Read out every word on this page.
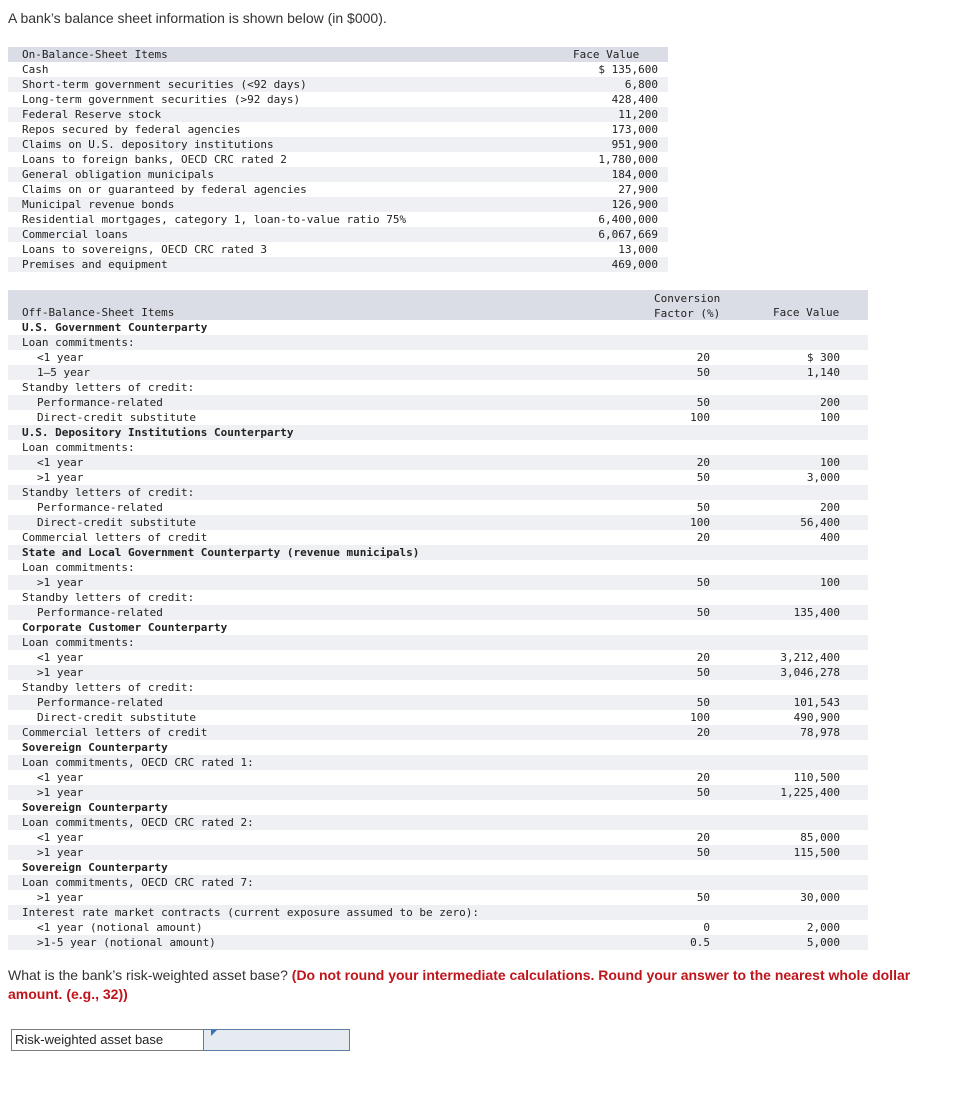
A bank’s balance sheet information is shown below (in $000).
On-Balance-Sheet Items	Face Value
Cash	$ 135,600
Short-term government securities (<92 days)	6,800
Long-term government securities (>92 days)	428,400
Federal Reserve stock	11,200
Repos secured by federal agencies	173,000
Claims on U.S. depository institutions	951,900
Loans to foreign banks, OECD CRC rated 2	1,780,000
General obligation municipals	184,000
Claims on or guaranteed by federal agencies	27,900
Municipal revenue bonds	126,900
Residential mortgages, category 1, loan-to-value ratio 75%	6,400,000
Commercial loans	6,067,669
Loans to sovereigns, OECD CRC rated 3	13,000
Premises and equipment	469,000
Off-Balance-Sheet Items
Conversion
Factor (%)	Face Value
U.S. Government Counterparty
Loan commitments:
<1 year	20	$ 300
1–5 year	50	1,140
Standby letters of credit:
Performance-related	50	200
Direct-credit substitute	100	100
U.S. Depository Institutions Counterparty
Loan commitments:
<1 year	20	100
>1 year	50	3,000
Standby letters of credit:
Performance-related	50	200
Direct-credit substitute	100	56,400
Commercial letters of credit	20	400
State and Local Government Counterparty (revenue municipals)
Loan commitments:
>1 year	50	100
Standby letters of credit:
Performance-related	50	135,400
Corporate Customer Counterparty
Loan commitments:
<1 year	20	3,212,400
>1 year	50	3,046,278
Standby letters of credit:
Performance-related	50	101,543
Direct-credit substitute	100	490,900
Commercial letters of credit	20	78,978
Sovereign Counterparty
Loan commitments, OECD CRC rated 1:
<1 year	20	110,500
>1 year	50	1,225,400
Sovereign Counterparty
Loan commitments, OECD CRC rated 2:
<1 year	20	85,000
>1 year	50	115,500
Sovereign Counterparty
Loan commitments, OECD CRC rated 7:
>1 year	50	30,000
Interest rate market contracts (current exposure assumed to be zero):
<1 year (notional amount)	0	2,000
>1-5 year (notional amount)	0.5	5,000
What is the bank’s risk-weighted asset base? (Do not round your intermediate calculations. Round your answer to the nearest whole dollar amount. (e.g., 32))
Risk-weighted asset base
